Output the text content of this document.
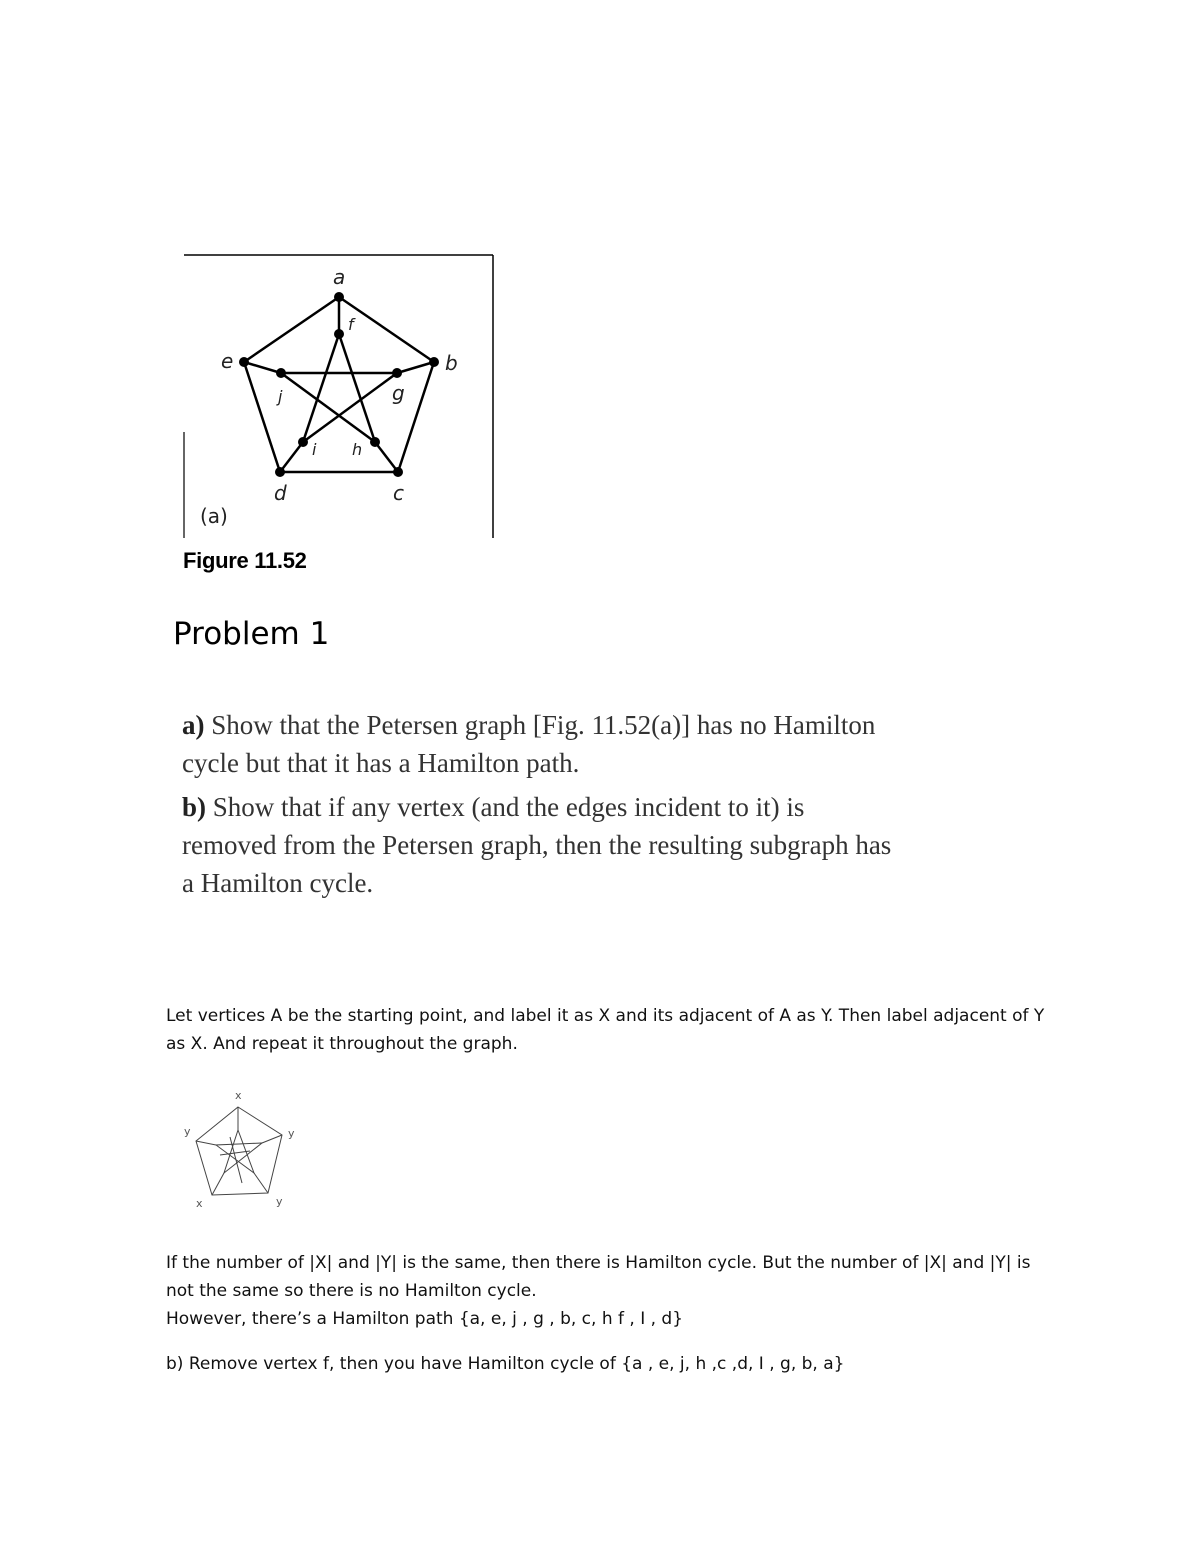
a
b
c
d
e
f
g
h
i
j
(a)
Figure 11.52
Problem 1
a) Show that the Petersen graph [Fig. 11.52(a)] has no Hamilton cycle but that it has a Hamilton path.
b) Show that if any vertex (and the edges incident to it) is removed from the Petersen graph, then the resulting subgraph has a Hamilton cycle.
Let vertices A be the starting point, and label it as X and its adjacent of A as Y. Then label adjacent of Y as X. And repeat it throughout the graph.
x
y
x	y
y
If the number of |X| and |Y| is the same, then there is Hamilton cycle. But the number of |X| and |Y| is not the same so there is no Hamilton cycle.
However, there’s a Hamilton path {a, e, j , g , b, c, h f , I , d}
b) Remove vertex f, then you have Hamilton cycle of {a , e, j, h ,c ,d, I , g, b, a}
